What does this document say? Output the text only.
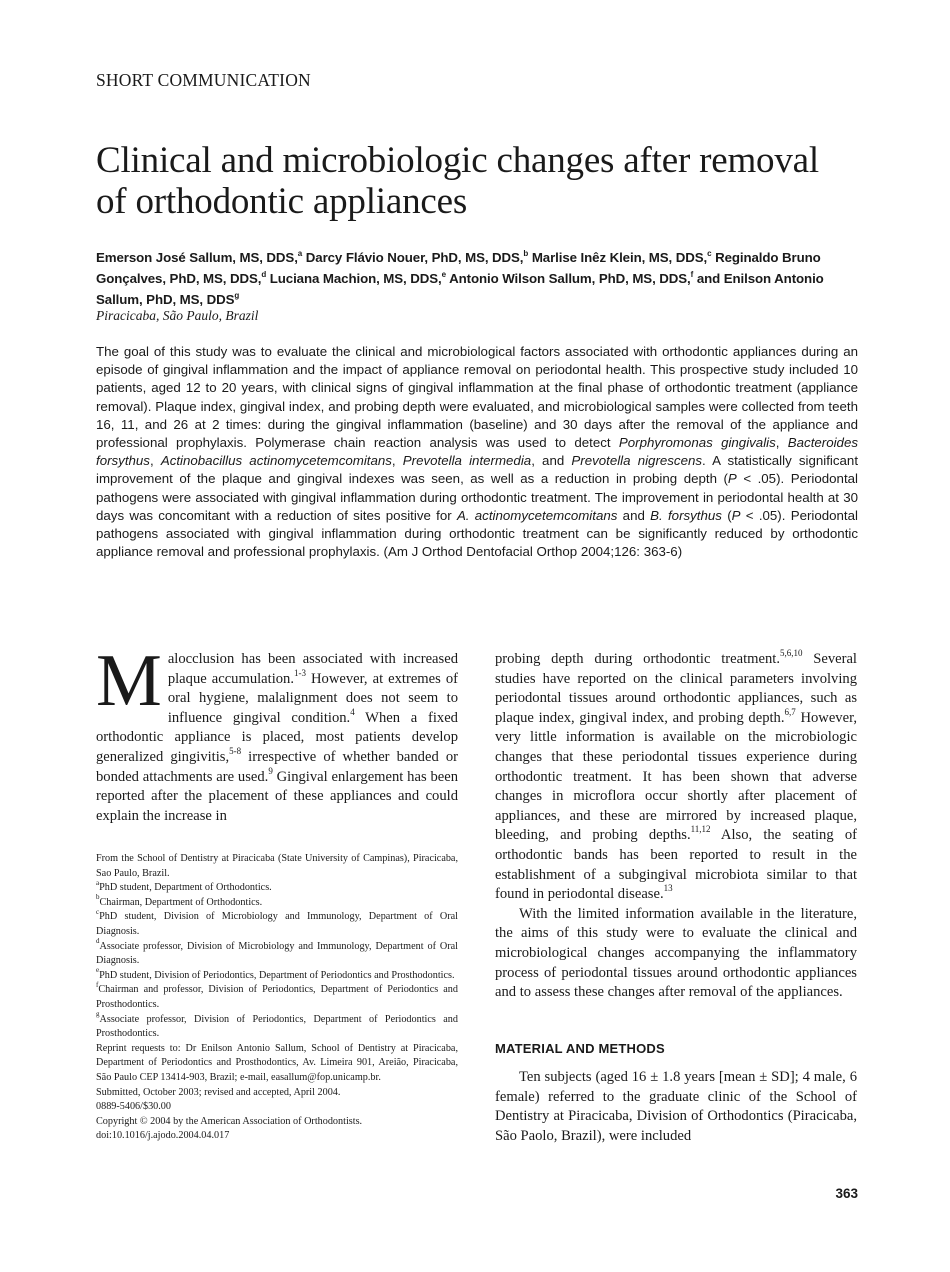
SHORT COMMUNICATION
Clinical and microbiologic changes after removal of orthodontic appliances
Emerson José Sallum, MS, DDS,$^a$ Darcy Flávio Nouer, PhD, MS, DDS,$^b$ Marlise Inêz Klein, MS, DDS,$^c$ Reginaldo Bruno Gonçalves, PhD, MS, DDS,$^d$ Luciana Machion, MS, DDS,$^e$ Antonio Wilson Sallum, PhD, MS, DDS,$^f$ and Enilson Antonio Sallum, PhD, MS, DDS$^g$
Piracicaba, São Paulo, Brazil

The goal of this study was to evaluate the clinical and microbiological factors associated with orthodontic appliances during an episode of gingival inflammation and the impact of appliance removal on periodontal health. This prospective study included 10 patients, aged 12 to 20 years, with clinical signs of gingival inflammation at the final phase of orthodontic treatment (appliance removal). Plaque index, gingival index, and probing depth were evaluated, and microbiological samples were collected from teeth 16, 11, and 26 at 2 times: during the gingival inflammation (baseline) and 30 days after the removal of the appliance and professional prophylaxis. Polymerase chain reaction analysis was used to detect Porphyromonas gingivalis, Bacteroides forsythus, Actinobacillus actinomycetemcomitans, Prevotella intermedia, and Prevotella nigrescens. A statistically significant improvement of the plaque and gingival indexes was seen, as well as a reduction in probing depth (P < .05). Periodontal pathogens were associated with gingival inflammation during orthodontic treatment. The improvement in periodontal health at 30 days was concomitant with a reduction of sites positive for A. actinomycetemcomitans and B. forsythus (P < .05). Periodontal pathogens associated with gingival inflammation during orthodontic treatment can be significantly reduced by orthodontic appliance removal and professional prophylaxis. (Am J Orthod Dentofacial Orthop 2004;126: 363-6)

Malocclusion has been associated with increased plaque accumulation.$^{1-3}$ However, at extremes of oral hygiene, malalignment does not seem to influence gingival condition.$^4$ When a fixed orthodontic appliance is placed, most patients develop generalized gingivitis,$^{5-8}$ irrespective of whether banded or bonded attachments are used.$^9$ Gingival enlargement has been reported after the placement of these appliances and could explain the increase in

From the School of Dentistry at Piracicaba (State University of Campinas), Piracicaba, Sao Paulo, Brazil.
$^a$PhD student, Department of Orthodontics.
$^b$Chairman, Department of Orthodontics.
$^c$PhD student, Division of Microbiology and Immunology, Department of Oral Diagnosis.
$^d$Associate professor, Division of Microbiology and Immunology, Department of Oral Diagnosis.
$^e$PhD student, Division of Periodontics, Department of Periodontics and Prosthodontics.
$^f$Chairman and professor, Division of Periodontics, Department of Periodontics and Prosthodontics.
$^g$Associate professor, Division of Periodontics, Department of Periodontics and Prosthodontics.
Reprint requests to: Dr Enilson Antonio Sallum, School of Dentistry at Piracicaba, Department of Periodontics and Prosthodontics, Av. Limeira 901, Areião, Piracicaba, São Paulo CEP 13414-903, Brazil; e-mail, easallum@fop.unicamp.br.
Submitted, October 2003; revised and accepted, April 2004.
0889-5406/$30.00
Copyright © 2004 by the American Association of Orthodontists.
doi:10.1016/j.ajodo.2004.04.017

probing depth during orthodontic treatment.$^{5,6,10}$ Several studies have reported on the clinical parameters involving periodontal tissues around orthodontic appliances, such as plaque index, gingival index, and probing depth.$^{6,7}$ However, very little information is available on the microbiologic changes that these periodontal tissues experience during orthodontic treatment. It has been shown that adverse changes in microflora occur shortly after placement of appliances, and these are mirrored by increased plaque, bleeding, and probing depths.$^{11,12}$ Also, the seating of orthodontic bands has been reported to result in the establishment of a subgingival microbiota similar to that found in periodontal disease.$^{13}$

With the limited information available in the literature, the aims of this study were to evaluate the clinical and microbiological changes accompanying the inflammatory process of periodontal tissues around orthodontic appliances and to assess these changes after removal of the appliances.

MATERIAL AND METHODS

Ten subjects (aged 16 ± 1.8 years [mean ± SD]; 4 male, 6 female) referred to the graduate clinic of the School of Dentistry at Piracicaba, Division of Orthodontics (Piracicaba, São Paolo, Brazil), were included

363
